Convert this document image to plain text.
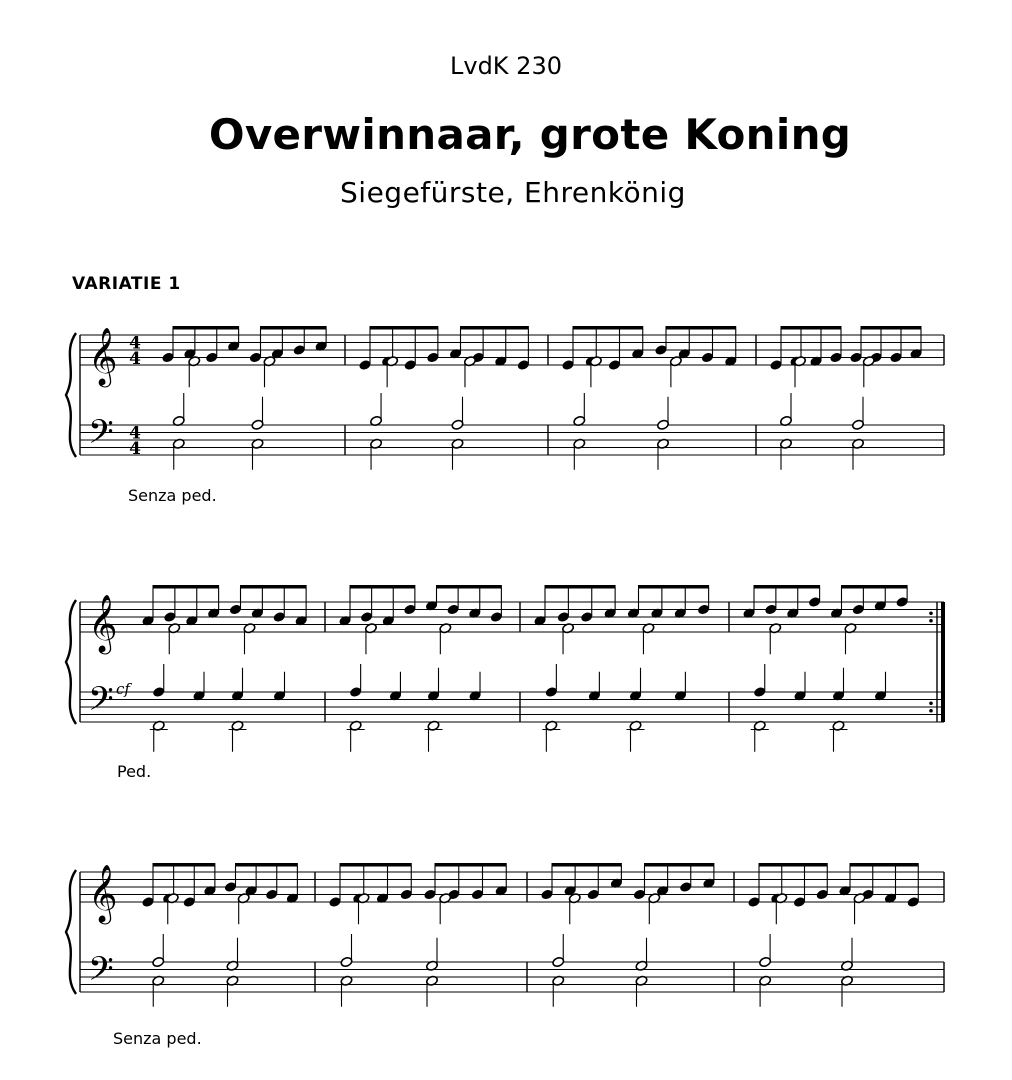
LvdK 230
Overwinnaar, grote Koning
Siegefürste, Ehrenkönig
VARIATIE 1
Senza ped.
cf
Ped.
Senza ped.
𝄞
𝄢
4
4
4
4
𝄞
𝄢
𝄞
𝄢
